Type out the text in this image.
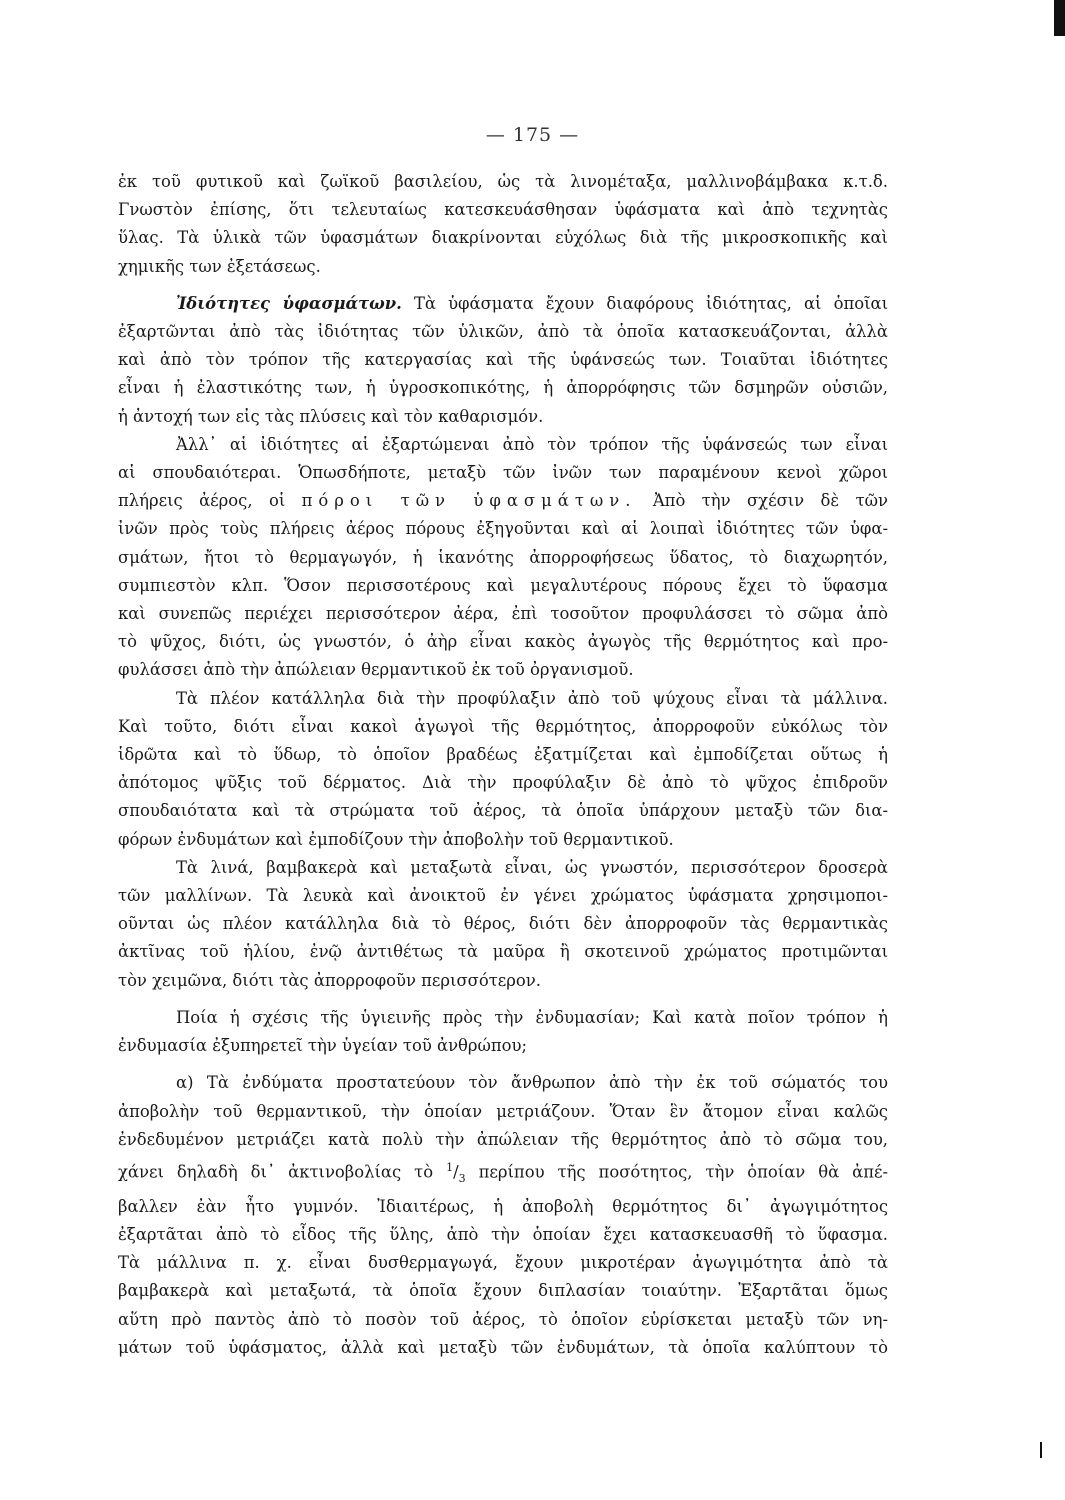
— 175 —
ἐκ τοῦ φυτικοῦ καὶ ζωϊκοῦ βασιλείου, ὡς τὰ λινομέταξα, μαλλινοβάμβακα κ.τ.δ.
Γνωστὸν ἐπίσης, ὅτι τελευταίως κατεσκευάσθησαν ὑφάσματα καὶ ἀπὸ τεχνητὰς
ὕλας. Τὰ ὑλικὰ τῶν ὑφασμάτων διακρίνονται εὐχόλως διὰ τῆς μικροσκοπικῆς καὶ
χημικῆς των ἐξετάσεως.
Ἰδιότητες ὑφασμάτων. Τὰ ὑφάσματα ἔχουν διαφόρους ἰδιότητας, αἱ ὁποῖαι
ἐξαρτῶνται ἀπὸ τὰς ἰδιότητας τῶν ὑλικῶν, ἀπὸ τὰ ὁποῖα κατασκευάζονται, ἀλλὰ
καὶ ἀπὸ τὸν τρόπον τῆς κατεργασίας καὶ τῆς ὑφάνσεώς των. Τοιαῦται ἰδιότητες
εἶναι ἡ ἐλαστικότης των, ἡ ὑγροσκοπικότης, ἡ ἀπορρόφησις τῶν δσμηρῶν οὐσιῶν,
ἡ ἀντοχή των εἰς τὰς πλύσεις καὶ τὸν καθαρισμόν.
Ἀλλ᾽ αἱ ἰδιότητες αἱ ἐξαρτώμεναι ἀπὸ τὸν τρόπον τῆς ὑφάνσεώς των εἶναι
αἱ σπουδαιότεραι. Ὁπωσδήποτε, μεταξὺ τῶν ἰνῶν των παραμένουν κενοὶ χῶροι
πλήρεις ἀέρος, οἱ πόροι τῶν ὑφασμάτων. Ἀπὸ τὴν σχέσιν δὲ τῶν
ἰνῶν πρὸς τοὺς πλήρεις ἀέρος πόρους ἐξηγοῦνται καὶ αἱ λοιπαὶ ἰδιότητες τῶν ὑφα-
σμάτων, ἤτοι τὸ θερμαγωγόν, ἡ ἱκανότης ἀπορροφήσεως ὕδατος, τὸ διαχωρητόν,
συμπιεστὸν κλπ. Ὅσον περισσοτέρους καὶ μεγαλυτέρους πόρους ἔχει τὸ ὕφασμα
καὶ συνεπῶς περιέχει περισσότερον ἀέρα, ἐπὶ τοσοῦτον προφυλάσσει τὸ σῶμα ἀπὸ
τὸ ψῦχος, διότι, ὡς γνωστόν, ὁ ἀὴρ εἶναι κακὸς ἀγωγὸς τῆς θερμότητος καὶ προ-
φυλάσσει ἀπὸ τὴν ἀπώλειαν θερμαντικοῦ ἐκ τοῦ ὀργανισμοῦ.
Τὰ πλέον κατάλληλα διὰ τὴν προφύλαξιν ἀπὸ τοῦ ψύχους εἶναι τὰ μάλλινα.
Καὶ τοῦτο, διότι εἶναι κακοὶ ἀγωγοὶ τῆς θερμότητος, ἀπορροφοῦν εὐκόλως τὸν
ἱδρῶτα καὶ τὸ ὕδωρ, τὸ ὁποῖον βραδέως ἐξατμίζεται καὶ ἐμποδίζεται οὕτως ἡ
ἀπότομος ψῦξις τοῦ δέρματος. Διὰ τὴν προφύλαξιν δὲ ἀπὸ τὸ ψῦχος ἐπιδροῦν
σπουδαιότατα καὶ τὰ στρώματα τοῦ ἀέρος, τὰ ὁποῖα ὑπάρχουν μεταξὺ τῶν δια-
φόρων ἐνδυμάτων καὶ ἐμποδίζουν τὴν ἀποβολὴν τοῦ θερμαντικοῦ.
Τὰ λινά, βαμβακερὰ καὶ μεταξωτὰ εἶναι, ὡς γνωστόν, περισσότερον δροσερὰ
τῶν μαλλίνων. Τὰ λευκὰ καὶ ἀνοικτοῦ ἐν γένει χρώματος ὑφάσματα χρησιμοποι-
οῦνται ὡς πλέον κατάλληλα διὰ τὸ θέρος, διότι δὲν ἀπορροφοῦν τὰς θερμαντικὰς
ἀκτῖνας τοῦ ἡλίου, ἐνῷ ἀντιθέτως τὰ μαῦρα ἢ σκοτεινοῦ χρώματος προτιμῶνται
τὸν χειμῶνα, διότι τὰς ἀπορροφοῦν περισσότερον.
Ποία ἡ σχέσις τῆς ὑγιεινῆς πρὸς τὴν ἐνδυμασίαν; Καὶ κατὰ ποῖον τρόπον ἡ
ἐνδυμασία ἐξυπηρετεῖ τὴν ὑγείαν τοῦ ἀνθρώπου;
α) Τὰ ἐνδύματα προστατεύουν τὸν ἄνθρωπον ἀπὸ τὴν ἐκ τοῦ σώματός του
ἀποβολὴν τοῦ θερμαντικοῦ, τὴν ὁποίαν μετριάζουν. Ὅταν ἓν ἄτομον εἶναι καλῶς
ἐνδεδυμένον μετριάζει κατὰ πολὺ τὴν ἀπώλειαν τῆς θερμότητος ἀπὸ τὸ σῶμα του,
χάνει δηλαδὴ δι᾽ ἀκτινοβολίας τὸ $^1/_3$ περίπου τῆς ποσότητος, τὴν ὁποίαν θὰ ἀπέ-
βαλλεν ἐὰν ἦτο γυμνόν. Ἰδιαιτέρως, ἡ ἀποβολὴ θερμότητος δι᾽ ἀγωγιμότητος
ἐξαρτᾶται ἀπὸ τὸ εἶδος τῆς ὕλης, ἀπὸ τὴν ὁποίαν ἔχει κατασκευασθῆ τὸ ὕφασμα.
Τὰ μάλλινα π. χ. εἶναι δυσθερμαγωγά, ἔχουν μικροτέραν ἀγωγιμότητα ἀπὸ τὰ
βαμβακερὰ καὶ μεταξωτά, τὰ ὁποῖα ἔχουν διπλασίαν τοιαύτην. Ἐξαρτᾶται ὅμως
αὕτη πρὸ παντὸς ἀπὸ τὸ ποσὸν τοῦ ἀέρος, τὸ ὁποῖον εὑρίσκεται μεταξὺ τῶν νη-
μάτων τοῦ ὑφάσματος, ἀλλὰ καὶ μεταξὺ τῶν ἐνδυμάτων, τὰ ὁποῖα καλύπτουν τὸ
